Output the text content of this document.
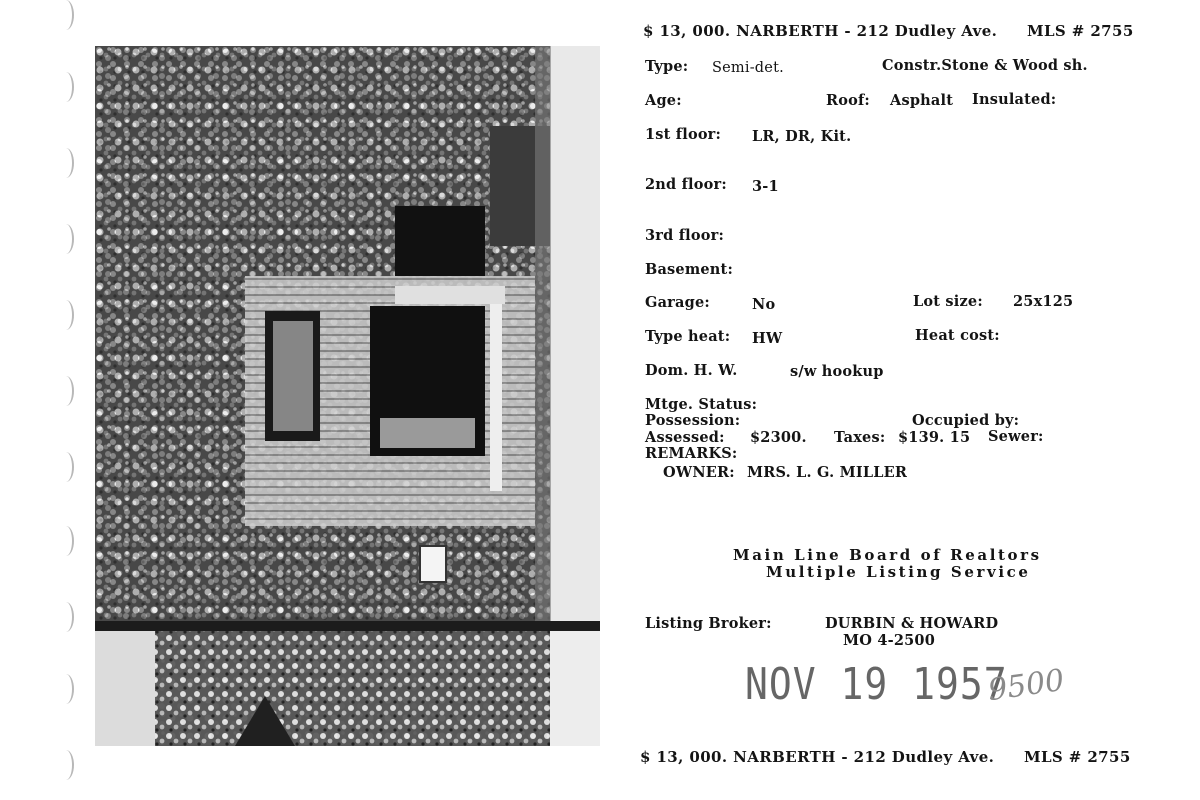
$ 13, 000. NARBERTH - 212 Dudley Ave. MLS # 2755
Type: Semi-det.	Constr.Stone & Wood sh.
Age:	Roof: Asphalt Insulated:
1st floor: LR, DR, Kit.
2nd floor: 3-1
3rd floor:
Basement:
Garage:	No	Lot size: 25x125
Type heat: HW	Heat cost:
Dom. H. W.	s/w hookup
Mtge. Status:
Possession:	Occupied by:
Assessed: $2300. Taxes: $139. 15 Sewer:
REMARKS:
OWNER: MRS. L. G. MILLER
Main Line Board of Realtors
Multiple Listing Service
Listing Broker:	DURBIN & HOWARD
MO 4-2500
NOV 19 1957
9500
$ 13, 000. NARBERTH - 212 Dudley Ave. MLS # 2755
